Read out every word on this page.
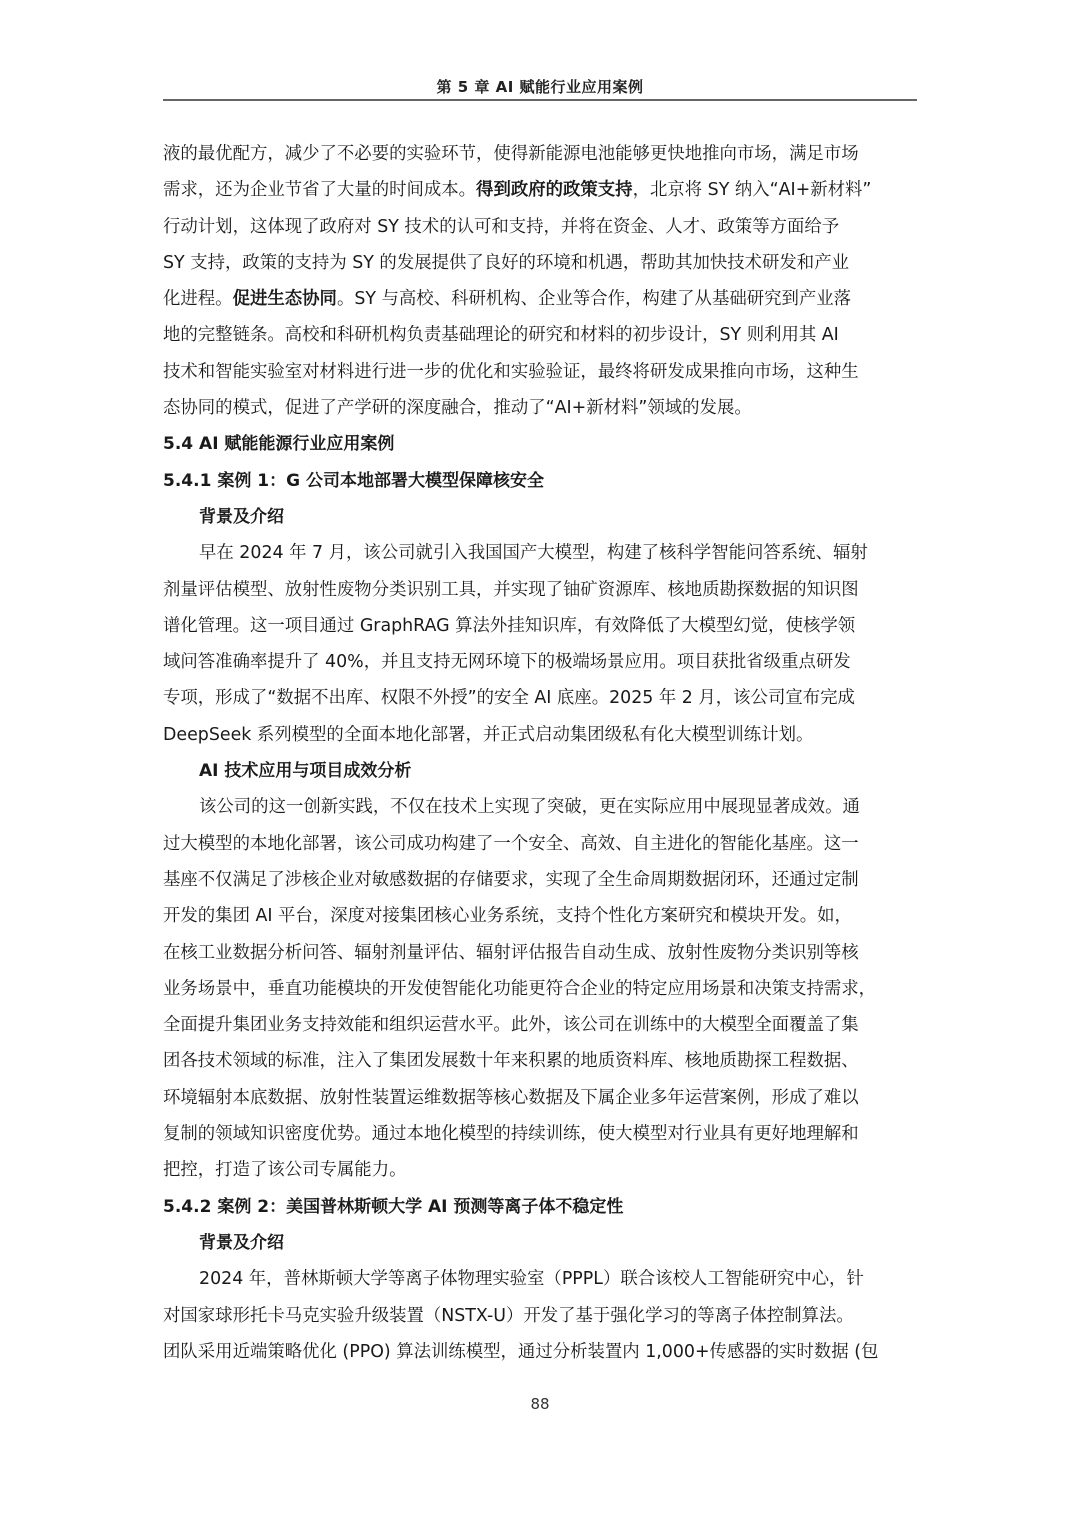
第 5 章 AI 赋能行业应用案例
液的最优配方，减少了不必要的实验环节，使得新能源电池能够更快地推向市场，满足市场
需求，还为企业节省了大量的时间成本。得到政府的政策支持，北京将 SY 纳入“AI+新材料”
行动计划，这体现了政府对 SY 技术的认可和支持，并将在资金、人才、政策等方面给予
SY 支持，政策的支持为 SY 的发展提供了良好的环境和机遇，帮助其加快技术研发和产业
化进程。促进生态协同。SY 与高校、科研机构、企业等合作，构建了从基础研究到产业落
地的完整链条。高校和科研机构负责基础理论的研究和材料的初步设计，SY 则利用其 AI
技术和智能实验室对材料进行进一步的优化和实验验证，最终将研发成果推向市场，这种生
态协同的模式，促进了产学研的深度融合，推动了“AI+新材料”领域的发展。
5.4 AI 赋能能源行业应用案例
5.4.1 案例 1：G 公司本地部署大模型保障核安全
背景及介绍
早在 2024 年 7 月，该公司就引入我国国产大模型，构建了核科学智能问答系统、辐射
剂量评估模型、放射性废物分类识别工具，并实现了铀矿资源库、核地质勘探数据的知识图
谱化管理。这一项目通过 GraphRAG 算法外挂知识库，有效降低了大模型幻觉，使核学领
域问答准确率提升了 40%，并且支持无网环境下的极端场景应用。项目获批省级重点研发
专项，形成了“数据不出库、权限不外授”的安全 AI 底座。2025 年 2 月，该公司宣布完成
DeepSeek 系列模型的全面本地化部署，并正式启动集团级私有化大模型训练计划。
AI 技术应用与项目成效分析
该公司的这一创新实践，不仅在技术上实现了突破，更在实际应用中展现显著成效。通
过大模型的本地化部署，该公司成功构建了一个安全、高效、自主进化的智能化基座。这一
基座不仅满足了涉核企业对敏感数据的存储要求，实现了全生命周期数据闭环，还通过定制
开发的集团 AI 平台，深度对接集团核心业务系统，支持个性化方案研究和模块开发。如，
在核工业数据分析问答、辐射剂量评估、辐射评估报告自动生成、放射性废物分类识别等核
业务场景中，垂直功能模块的开发使智能化功能更符合企业的特定应用场景和决策支持需求，
全面提升集团业务支持效能和组织运营水平。此外，该公司在训练中的大模型全面覆盖了集
团各技术领域的标准，注入了集团发展数十年来积累的地质资料库、核地质勘探工程数据、
环境辐射本底数据、放射性装置运维数据等核心数据及下属企业多年运营案例，形成了难以
复制的领域知识密度优势。通过本地化模型的持续训练，使大模型对行业具有更好地理解和
把控，打造了该公司专属能力。
5.4.2 案例 2：美国普林斯顿大学 AI 预测等离子体不稳定性
背景及介绍
2024 年，普林斯顿大学等离子体物理实验室（PPPL）联合该校人工智能研究中心，针
对国家球形托卡马克实验升级装置（NSTX-U）开发了基于强化学习的等离子体控制算法。
团队采用近端策略优化 (PPO) 算法训练模型，通过分析装置内 1,000+传感器的实时数据 (包
88
